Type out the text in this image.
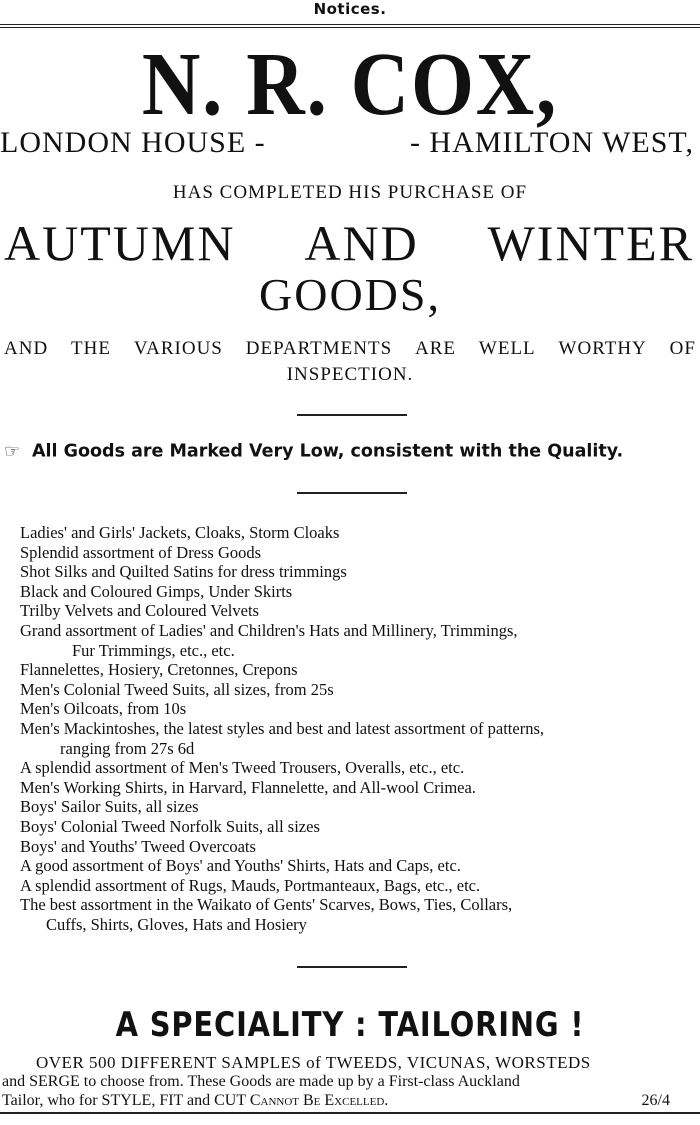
Notices.
N. R. COX,
LONDON HOUSE -	- HAMILTON WEST,
HAS COMPLETED HIS PURCHASE OF
AUTUMN AND WINTER
GOODS,
AND THE VARIOUS DEPARTMENTS ARE WELL WORTHY OF
INSPECTION.
☞ All Goods are Marked Very Low, consistent with the Quality.
Ladies' and Girls' Jackets, Cloaks, Storm Cloaks
Splendid assortment of Dress Goods
Shot Silks and Quilted Satins for dress trimmings
Black and Coloured Gimps, Under Skirts
Trilby Velvets and Coloured Velvets
Grand assortment of Ladies' and Children's Hats and Millinery, Trimmings,
Fur Trimmings, etc., etc.
Flannelettes, Hosiery, Cretonnes, Crepons
Men's Colonial Tweed Suits, all sizes, from 25s
Men's Oilcoats, from 10s
Men's Mackintoshes, the latest styles and best and latest assortment of patterns,
ranging from 27s 6d
A splendid assortment of Men's Tweed Trousers, Overalls, etc., etc.
Men's Working Shirts, in Harvard, Flannelette, and All-wool Crimea.
Boys' Sailor Suits, all sizes
Boys' Colonial Tweed Norfolk Suits, all sizes
Boys' and Youths' Tweed Overcoats
A good assortment of Boys' and Youths' Shirts, Hats and Caps, etc.
A splendid assortment of Rugs, Mauds, Portmanteaux, Bags, etc., etc.
The best assortment in the Waikato of Gents' Scarves, Bows, Ties, Collars,
Cuffs, Shirts, Gloves, Hats and Hosiery
A SPECIALITY : TAILORING !
OVER 500 DIFFERENT SAMPLES of TWEEDS, VICUNAS, WORSTEDS
and SERGE to choose from. These Goods are made up by a First-class Auckland
Tailor, who for STYLE, FIT and CUT Cannot Be Excelled.	26/4
